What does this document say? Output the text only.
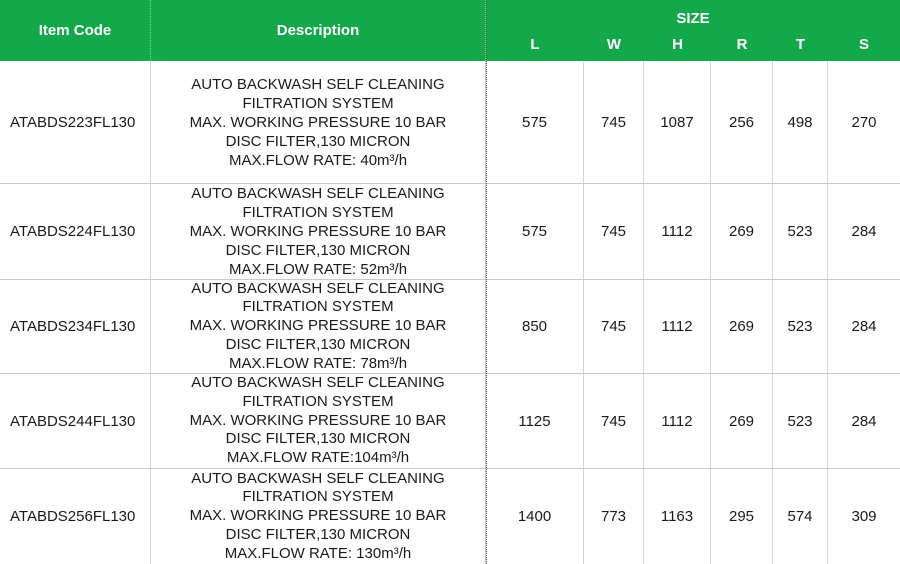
Item Code	Description
SIZE
L	W	H	R	T	S
ATABDS223FL130
AUTO BACKWASH SELF CLEANING
FILTRATION SYSTEM
MAX. WORKING PRESSURE 10 BAR
DISC FILTER,130 MICRON
MAX.FLOW RATE: 40m³/h
575	745	1087	256	498	270
ATABDS224FL130
AUTO BACKWASH SELF CLEANING
FILTRATION SYSTEM
MAX. WORKING PRESSURE 10 BAR
DISC FILTER,130 MICRON
MAX.FLOW RATE: 52m³/h
575	745	1112	269	523	284
ATABDS234FL130
AUTO BACKWASH SELF CLEANING
FILTRATION SYSTEM
MAX. WORKING PRESSURE 10 BAR
DISC FILTER,130 MICRON
MAX.FLOW RATE: 78m³/h
850	745	1112	269	523	284
ATABDS244FL130
AUTO BACKWASH SELF CLEANING
FILTRATION SYSTEM
MAX. WORKING PRESSURE 10 BAR
DISC FILTER,130 MICRON
MAX.FLOW RATE:104m³/h
1125	745	1112	269	523	284
ATABDS256FL130
AUTO BACKWASH SELF CLEANING
FILTRATION SYSTEM
MAX. WORKING PRESSURE 10 BAR
DISC FILTER,130 MICRON
MAX.FLOW RATE: 130m³/h
1400	773	1163	295	574	309
